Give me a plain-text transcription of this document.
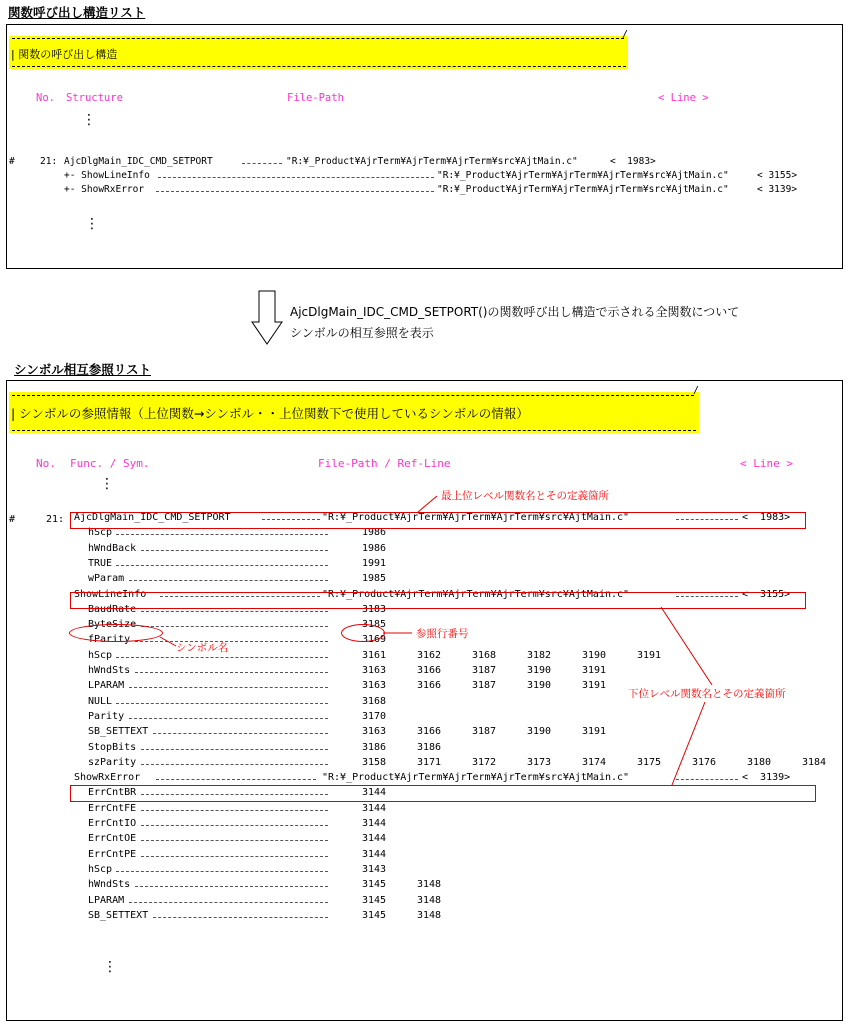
関数呼び出し構造リスト
/
| 関数の呼び出し構造
No. Structure	File-Path	< Line >
⋮
#	21: AjcDlgMain_IDC_CMD_SETPORT	"R:¥_Product¥AjrTerm¥AjrTerm¥AjrTerm¥src¥AjtMain.c"	<  1983>
+- ShowLineInfo	"R:¥_Product¥AjrTerm¥AjrTerm¥AjrTerm¥src¥AjtMain.c"	< 3155>
+- ShowRxError	"R:¥_Product¥AjrTerm¥AjrTerm¥AjrTerm¥src¥AjtMain.c"	< 3139>
⋮
AjcDlgMain_IDC_CMD_SETPORT()の関数呼び出し構造で示される全関数について
シンボルの相互参照を表示
シンボル相互参照リスト
/
| シンボルの参照情報（上位関数→シンボル・・上位関数下で使用しているシンボルの情報）
No. Func. / Sym.	File-Path / Ref-Line	< Line >
⋮
#	21: AjcDlgMain_IDC_CMD_SETPORT	"R:¥_Product¥AjrTerm¥AjrTerm¥AjrTerm¥src¥AjtMain.c"	<  1983>
hScp	1986
hWndBack	1986
TRUE	1991
wParam	1985
ShowLineInfo	"R:¥_Product¥AjrTerm¥AjrTerm¥AjrTerm¥src¥AjtMain.c"	<  3155>
BaudRate	3183
ByteSize	3185
fParity	3169
hScp	3161	3162	3168	3182	3190	3191
hWndSts	3163	3166	3187	3190	3191
LPARAM	3163	3166	3187	3190	3191
NULL	3168
Parity	3170
SB_SETTEXT	3163	3166	3187	3190	3191
StopBits	3186	3186
szParity	3158	3171	3172	3173	3174	3175	3176	3180	3184
ShowRxError	"R:¥_Product¥AjrTerm¥AjrTerm¥AjrTerm¥src¥AjtMain.c"	<  3139>
ErrCntBR	3144
ErrCntFE	3144
ErrCntIO	3144
ErrCntOE	3144
ErrCntPE	3144
hScp	3143
hWndSts	3145	3148
LPARAM	3145	3148
SB_SETTEXT	3145	3148
最上位レベル関数名とその定義箇所
参照行番号
シンボル名
下位レベル関数名とその定義箇所
⋮
